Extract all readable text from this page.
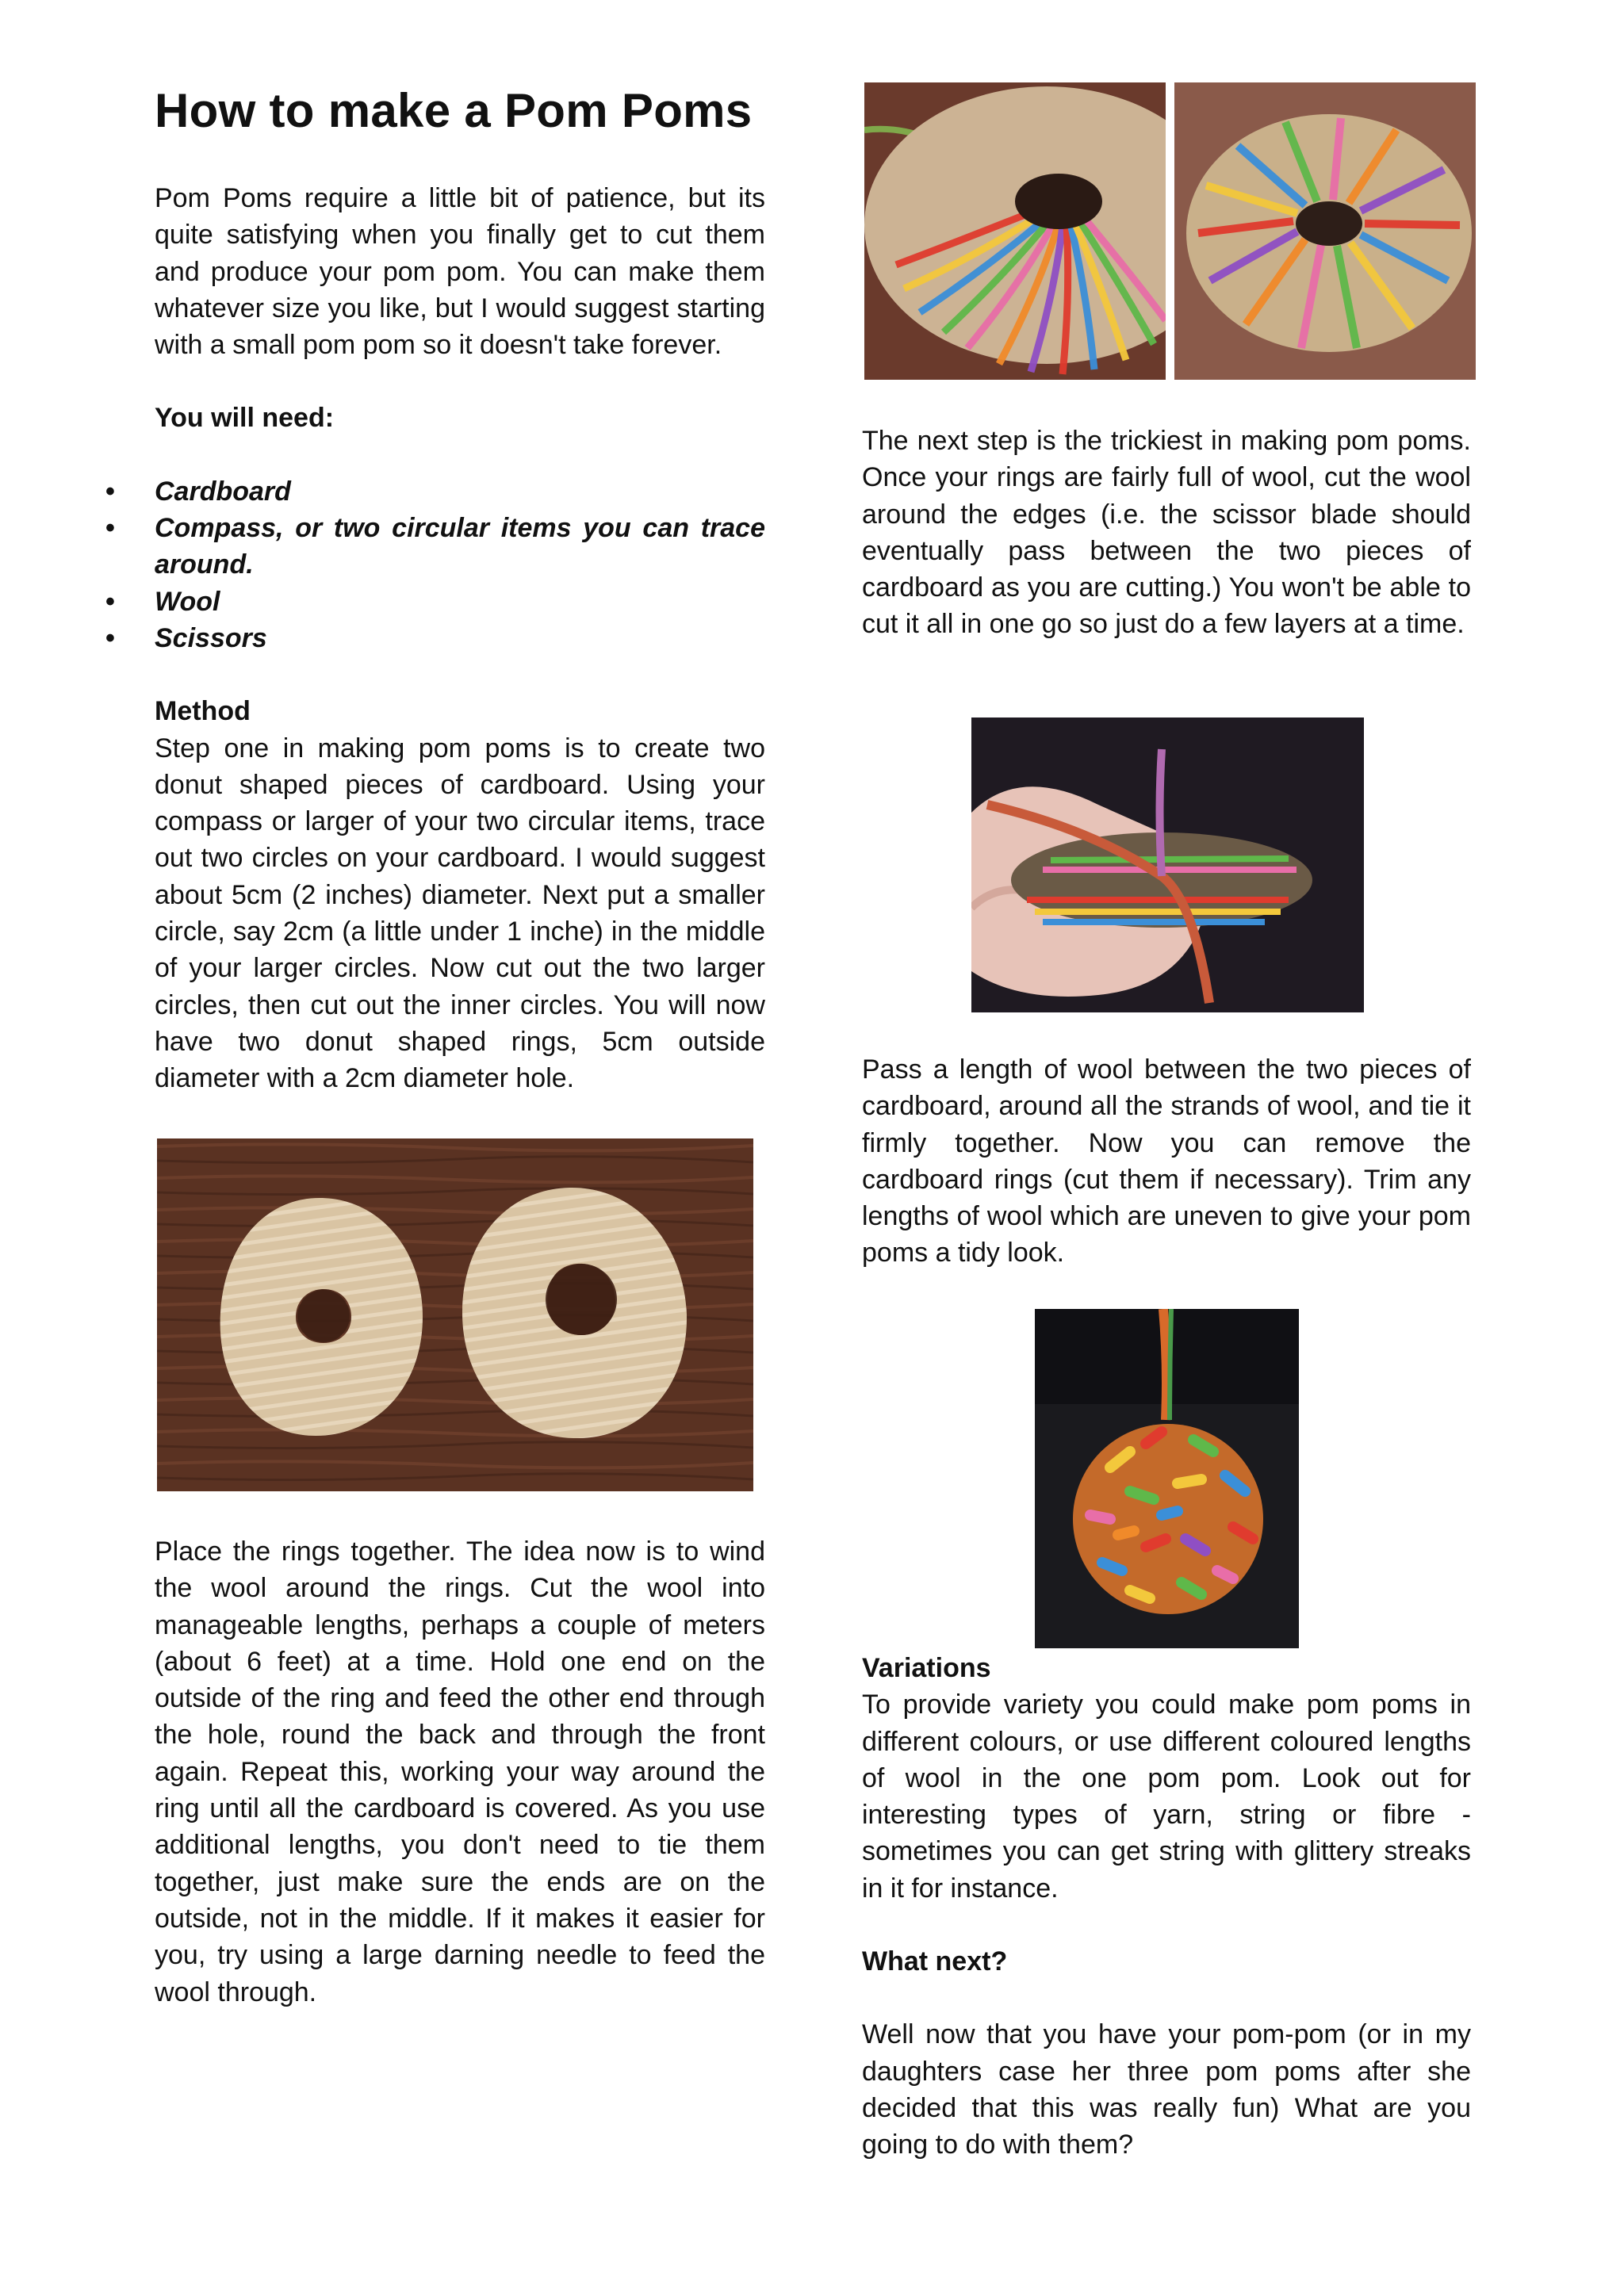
How to make a Pom Poms

Pom Poms require a little bit of patience, but its quite satisfying when you finally get to cut them and produce your pom pom. You can make them whatever size you like, but I would suggest starting with a small pom pom so it doesn't take forever.

You will need:

• Cardboard
• Compass, or two circular items you can trace around.
• Wool
• Scissors

Method

Step one in making pom poms is to create two donut shaped pieces of cardboard. Using your compass or larger of your two circular items, trace out two circles on your cardboard. I would suggest about 5cm (2 inches) diameter. Next put a smaller circle, say 2cm (a little under 1 inche) in the middle of your larger circles. Now cut out the two larger circles, then cut out the inner circles. You will now have two donut shaped rings, 5cm outside diameter with a 2cm diameter hole.

Place the rings together. The idea now is to wind the wool around the rings. Cut the wool into manageable lengths, perhaps a couple of meters (about 6 feet) at a time. Hold one end on the outside of the ring and feed the other end through the hole, round the back and through the front again. Repeat this, working your way around the ring until all the cardboard is covered. As you use additional lengths, you don't need to tie them together, just make sure the ends are on the outside, not in the middle. If it makes it easier for you, try using a large darning needle to feed the wool through.

The next step is the trickiest in making pom poms. Once your rings are fairly full of wool, cut the wool around the edges (i.e. the scissor blade should eventually pass between the two pieces of cardboard as you are cutting.) You won't be able to cut it all in one go so just do a few layers at a time.

Pass a length of wool between the two pieces of cardboard, around all the strands of wool, and tie it firmly together. Now you can remove the cardboard rings (cut them if necessary). Trim any lengths of wool which are uneven to give your pom poms a tidy look.

Variations

To provide variety you could make pom poms in different colours, or use different coloured lengths of wool in the one pom pom. Look out for interesting types of yarn, string or fibre - sometimes you can get string with glittery streaks in it for instance.

What next?

Well now that you have your pom-pom (or in my daughters case her three pom poms after she decided that this was really fun) What are you going to do with them?
